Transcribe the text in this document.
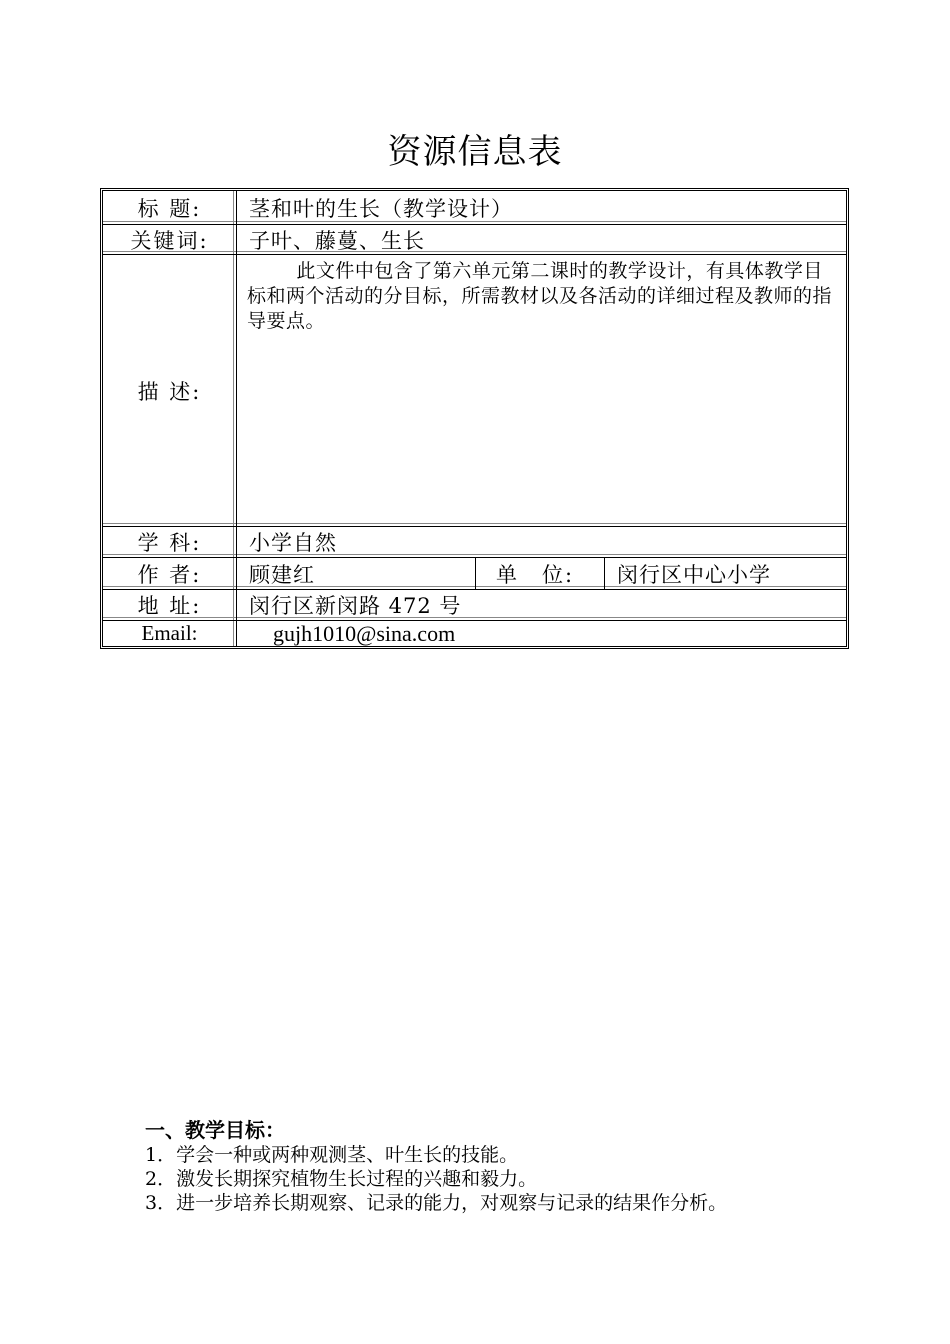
资源信息表
标 题:	茎和叶的生长（教学设计）
关键词:	子叶、藤蔓、生长
描 述:
此文件中包含了第六单元第二课时的教学设计，有具体教学目标和两个活动的分目标，所需教材以及各活动的详细过程及教师的指导要点。
学 科:	小学自然
作 者:	顾建红	单　位:	闵行区中心小学
地 址:	闵行区新闵路 472 号
Email:	gujh1010@sina.com
一、教学目标：
1．学会一种或两种观测茎、叶生长的技能。
2．激发长期探究植物生长过程的兴趣和毅力。
3．进一步培养长期观察、记录的能力，对观察与记录的结果作分析。
